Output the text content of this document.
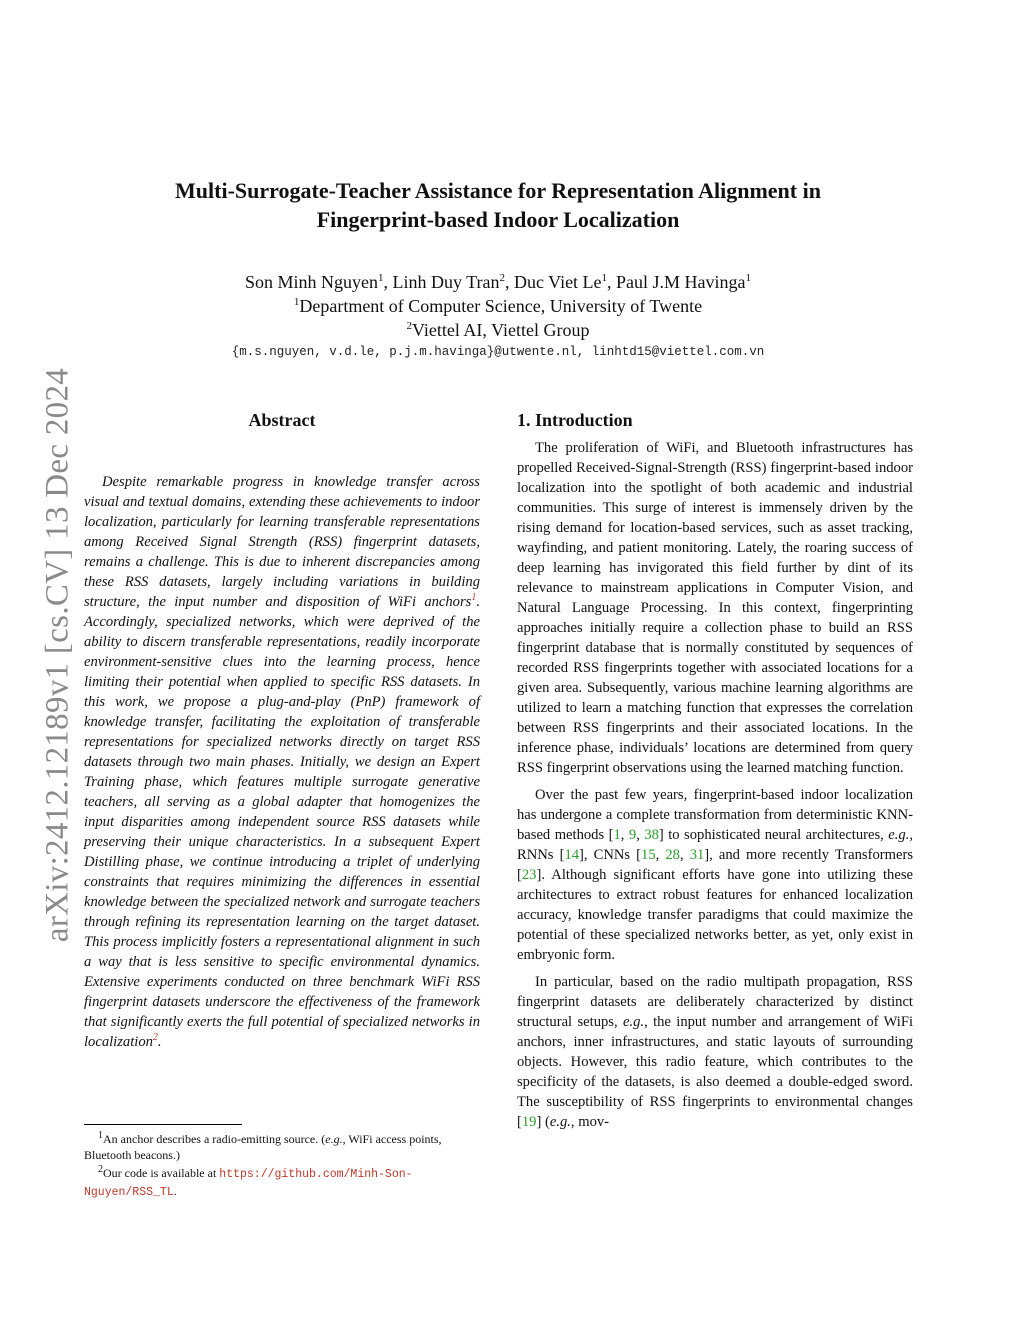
arXiv:2412.12189v1 [cs.CV] 13 Dec 2024
Multi-Surrogate-Teacher Assistance for Representation Alignment in
Fingerprint-based Indoor Localization
Son Minh Nguyen$^1$, Linh Duy Tran$^2$, Duc Viet Le$^1$, Paul J.M Havinga$^1$
$^1$Department of Computer Science, University of Twente
$^2$Viettel AI, Viettel Group
{m.s.nguyen, v.d.le, p.j.m.havinga}@utwente.nl, linhtd15@viettel.com.vn
Abstract

Despite remarkable progress in knowledge transfer across visual and textual domains, extending these achievements to indoor localization, particularly for learning transferable representations among Received Signal Strength (RSS) fingerprint datasets, remains a challenge. This is due to inherent discrepancies among these RSS datasets, largely including variations in building structure, the input number and disposition of WiFi anchors$^1$. Accordingly, specialized networks, which were deprived of the ability to discern transferable representations, readily incorporate environment-sensitive clues into the learning process, hence limiting their potential when applied to specific RSS datasets. In this work, we propose a plug-and-play (PnP) framework of knowledge transfer, facilitating the exploitation of transferable representations for specialized networks directly on target RSS datasets through two main phases. Initially, we design an Expert Training phase, which features multiple surrogate generative teachers, all serving as a global adapter that homogenizes the input disparities among independent source RSS datasets while preserving their unique characteristics. In a subsequent Expert Distilling phase, we continue introducing a triplet of underlying constraints that requires minimizing the differences in essential knowledge between the specialized network and surrogate teachers through refining its representation learning on the target dataset. This process implicitly fosters a representational alignment in such a way that is less sensitive to specific environmental dynamics. Extensive experiments conducted on three benchmark WiFi RSS fingerprint datasets underscore the effectiveness of the framework that significantly exerts the full potential of specialized networks in localization$^2$.

1. Introduction

The proliferation of WiFi, and Bluetooth infrastructures has propelled Received-Signal-Strength (RSS) fingerprint-based indoor localization into the spotlight of both academic and industrial communities. This surge of interest is immensely driven by the rising demand for location-based services, such as asset tracking, wayfinding, and patient monitoring. Lately, the roaring success of deep learning has invigorated this field further by dint of its relevance to mainstream applications in Computer Vision, and Natural Language Processing. In this context, fingerprinting approaches initially require a collection phase to build an RSS fingerprint database that is normally constituted by sequences of recorded RSS fingerprints together with associated locations for a given area. Subsequently, various machine learning algorithms are utilized to learn a matching function that expresses the correlation between RSS fingerprints and their associated locations. In the inference phase, individuals’ locations are determined from query RSS fingerprint observations using the learned matching function.

Over the past few years, fingerprint-based indoor localization has undergone a complete transformation from deterministic KNN-based methods [1, 9, 38] to sophisticated neural architectures, e.g., RNNs [14], CNNs [15, 28, 31], and more recently Transformers [23]. Although significant efforts have gone into utilizing these architectures to extract robust features for enhanced localization accuracy, knowledge transfer paradigms that could maximize the potential of these specialized networks better, as yet, only exist in embryonic form.

In particular, based on the radio multipath propagation, RSS fingerprint datasets are deliberately characterized by distinct structural setups, e.g., the input number and arrangement of WiFi anchors, inner infrastructures, and static layouts of surrounding objects. However, this radio feature, which contributes to the specificity of the datasets, is also deemed a double-edged sword. The susceptibility of RSS fingerprints to environmental changes [19] (e.g., mov-

$^1$An anchor describes a radio-emitting source. (e.g., WiFi access points, Bluetooth beacons.)

$^2$Our code is available at https://github.com/Minh-Son-Nguyen/RSS_TL.
